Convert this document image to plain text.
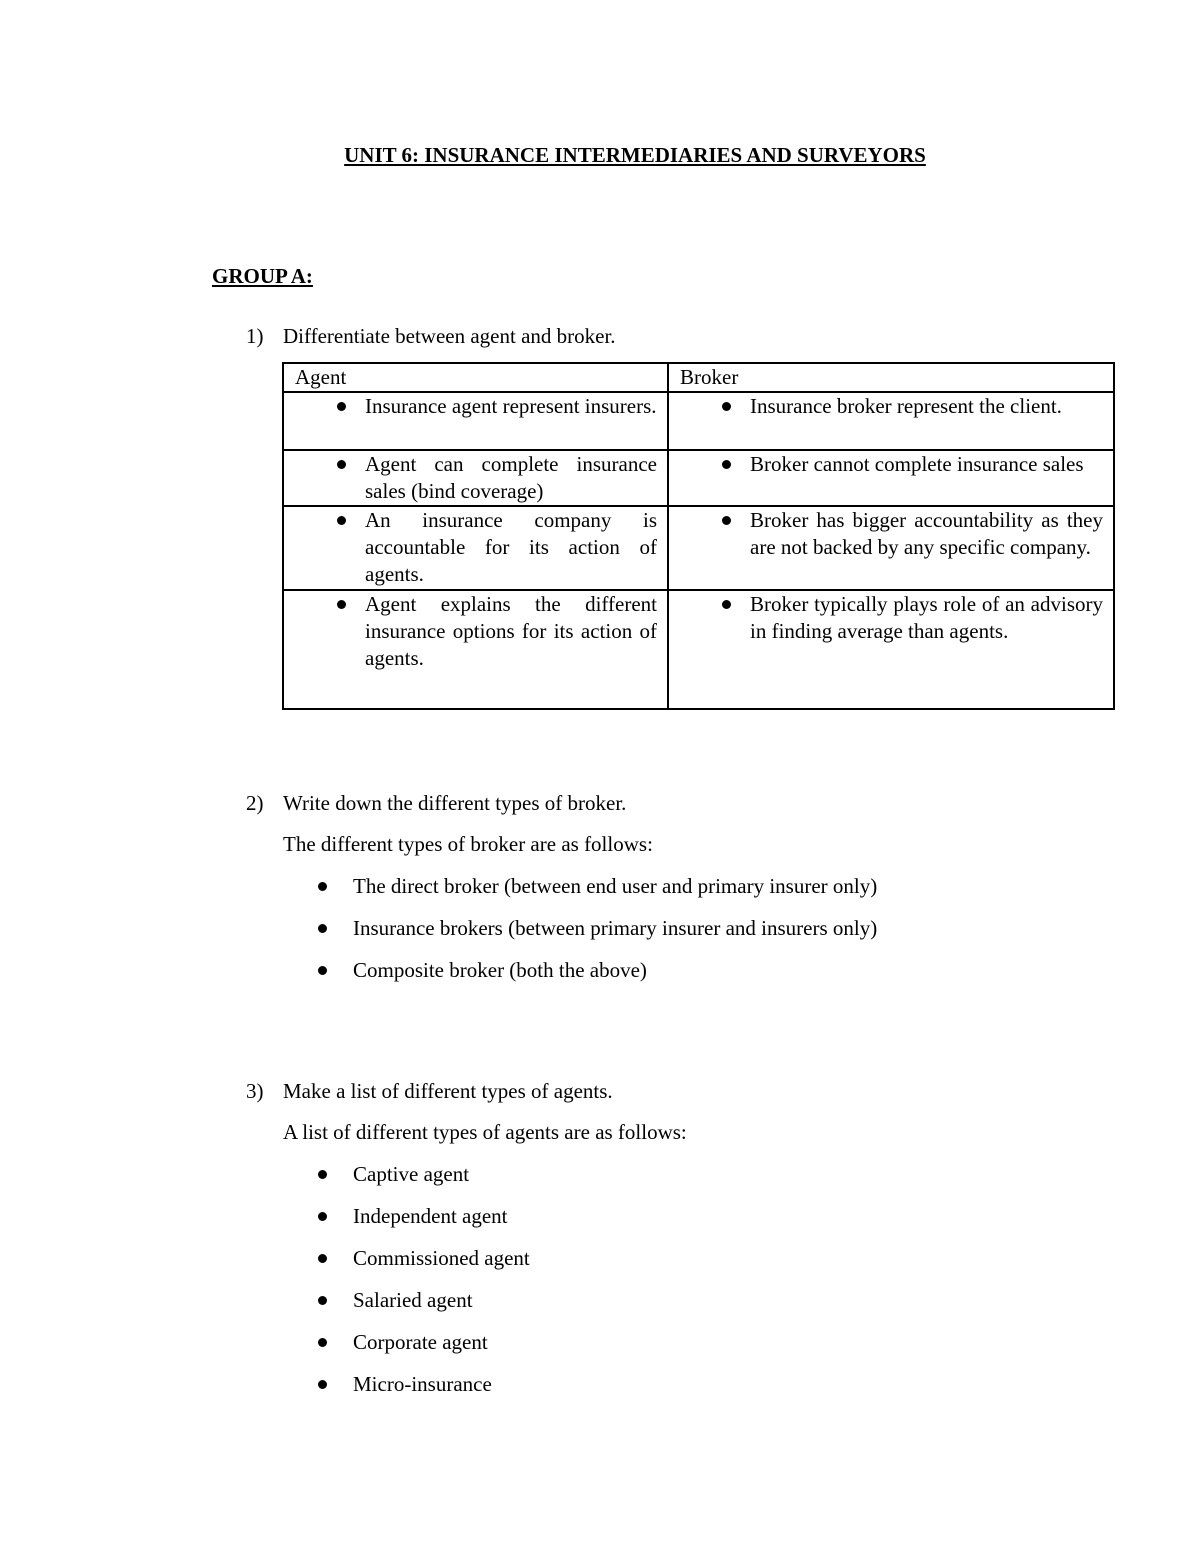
UNIT 6: INSURANCE INTERMEDIARIES AND SURVEYORS
GROUP A:
1) Differentiate between agent and broker.
Agent	Broker

Insurance agent represent insurers.	Insurance broker represent the client.

Agent can complete insurance sales (bind coverage)	Broker cannot complete insurance sales

An insurance company is accountable for its action of agents.	Broker has bigger accountability as they are not backed by any specific company.

Agent explains the different insurance options for its action of agents.	Broker typically plays role of an advisory in finding average than agents.
2) Write down the different types of broker.
The different types of broker are as follows:
The direct broker (between end user and primary insurer only)
Insurance brokers (between primary insurer and insurers only)
Composite broker (both the above)
3) Make a list of different types of agents.
A list of different types of agents are as follows:
Captive agent
Independent agent
Commissioned agent
Salaried agent
Corporate agent
Micro-insurance
